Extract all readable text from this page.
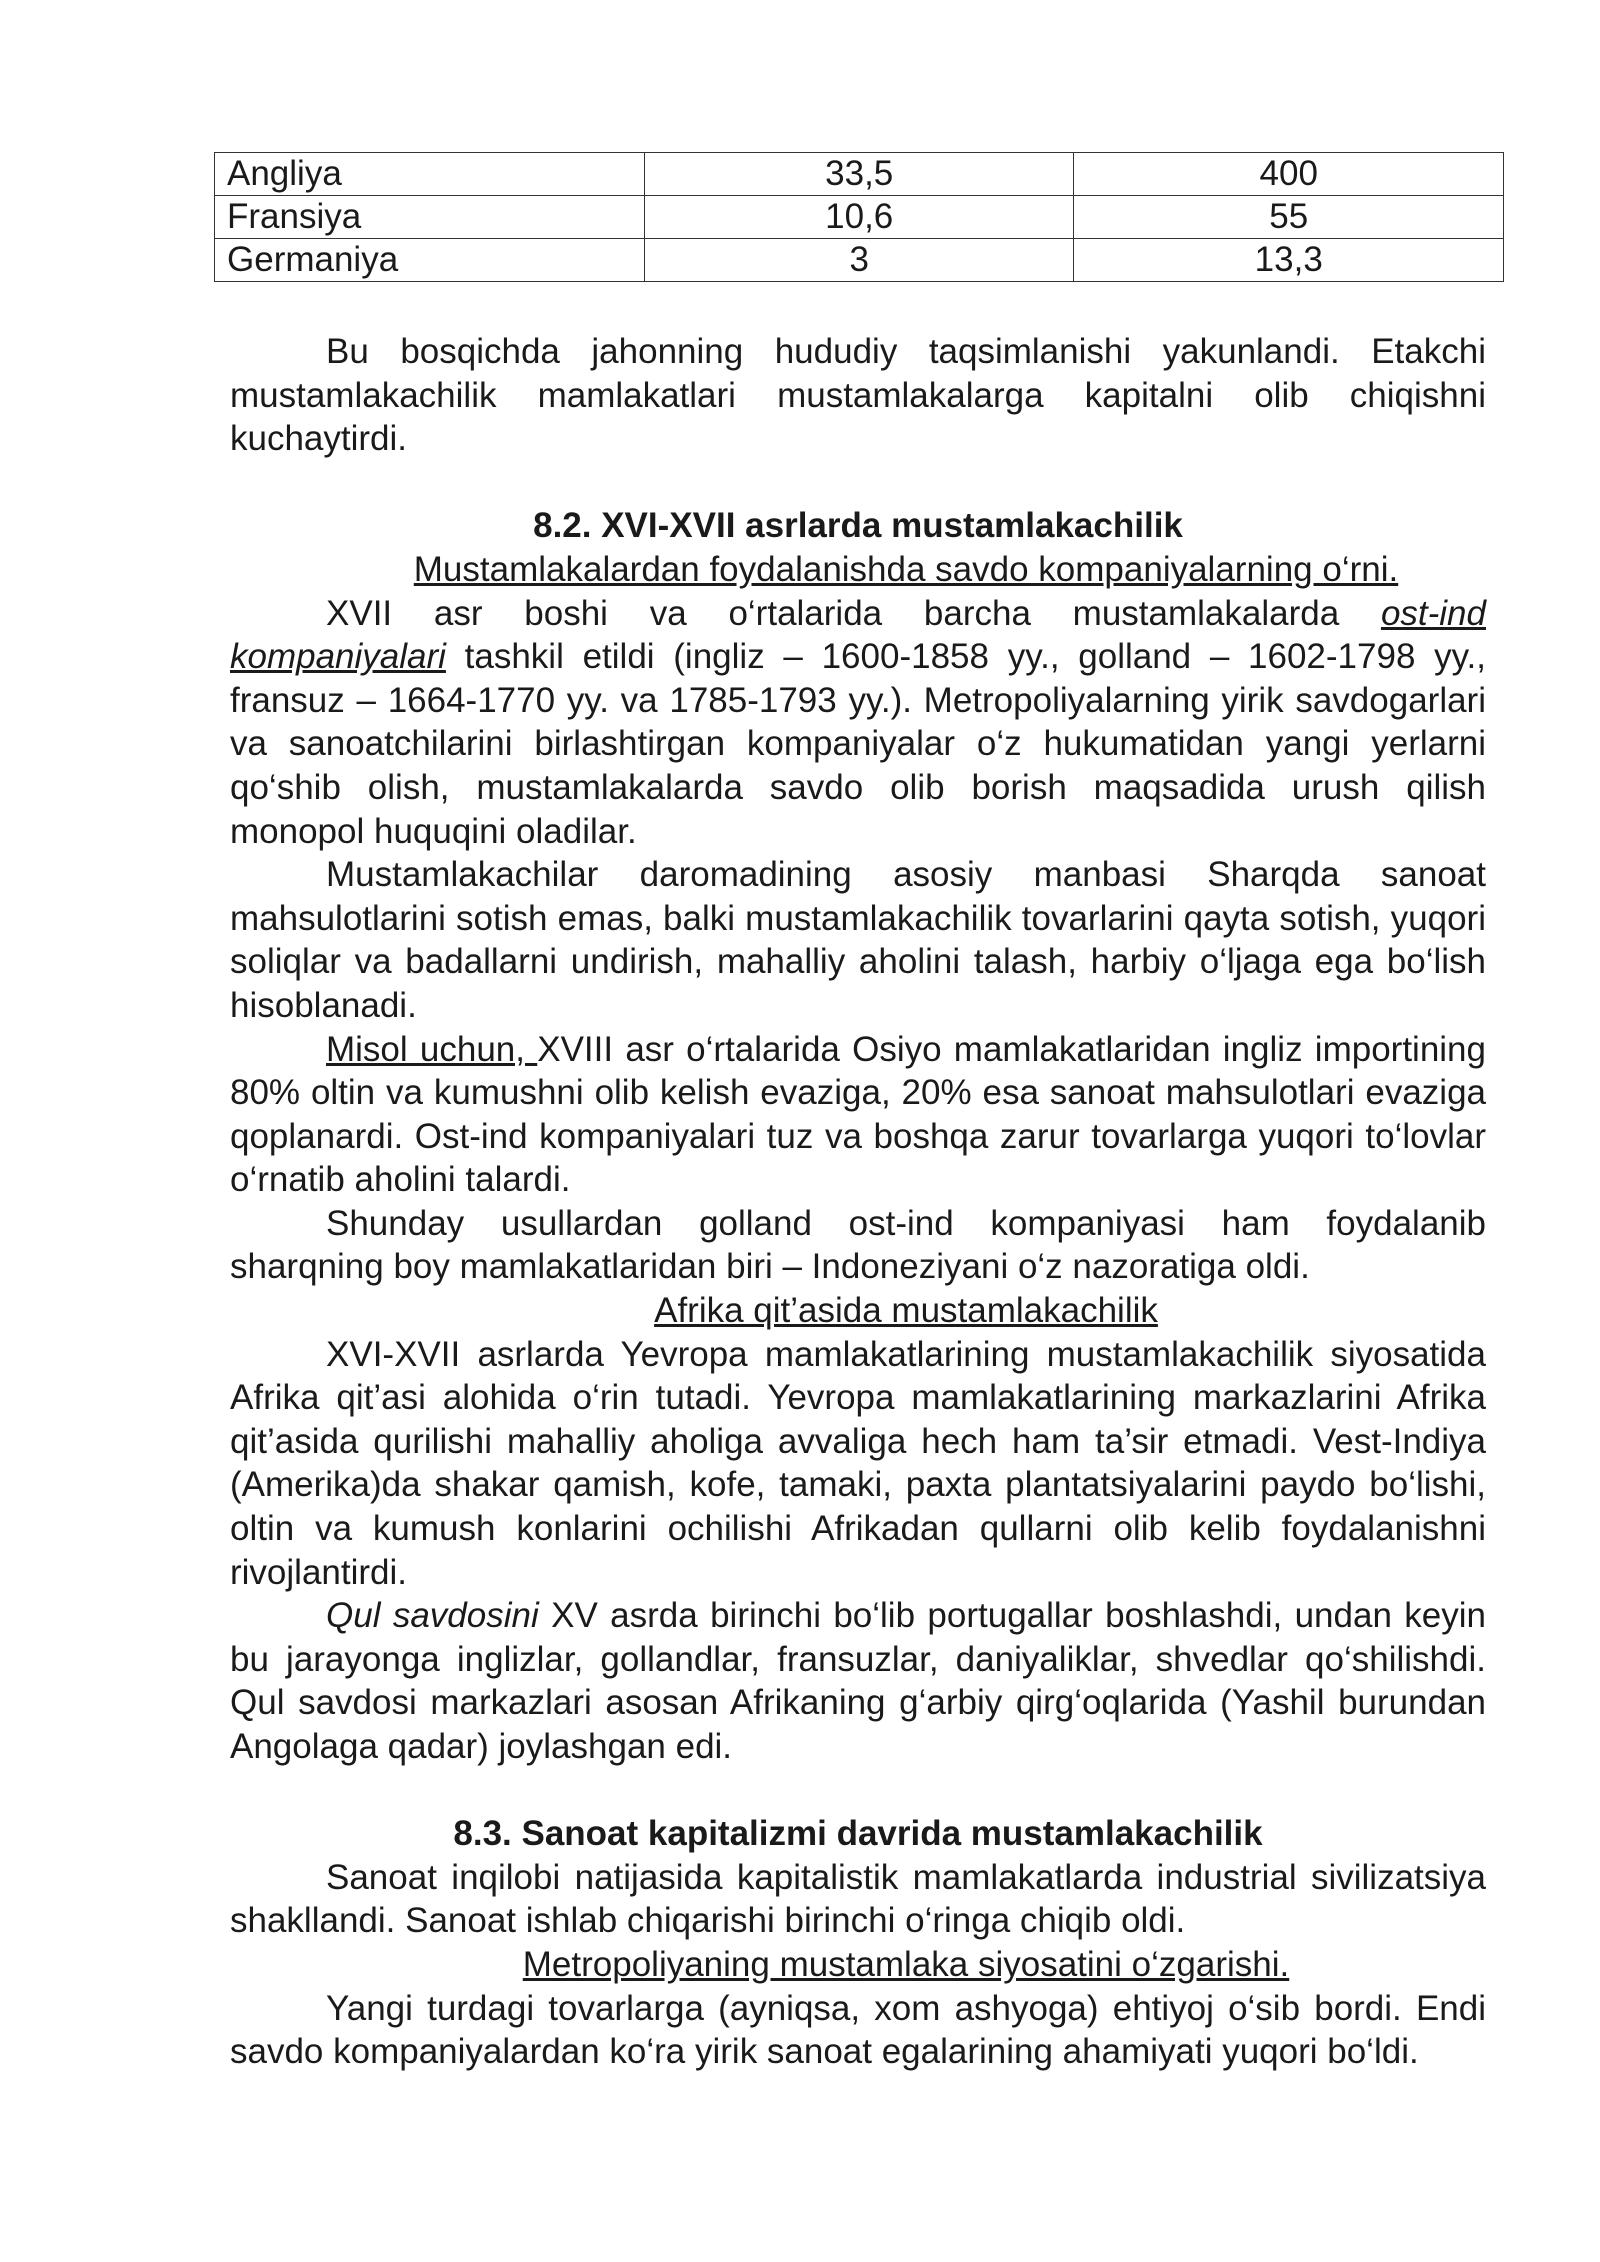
Angliya	33,5	400
Fransiya	10,6	55
Germaniya	3	13,3

Bu bosqichda jahonning hududiy taqsimlanishi yakunlandi. Etakchi mustamlakachilik mamlakatlari mustamlakalarga kapitalni olib chiqishni kuchaytirdi.

8.2. XVI-XVII asrlarda mustamlakachilik

Mustamlakalardan foydalanishda savdo kompaniyalarning o‘rni.

XVII asr boshi va o‘rtalarida barcha mustamlakalarda ost-ind kompaniyalari tashkil etildi (ingliz – 1600-1858 yy., golland – 1602-1798 yy., fransuz – 1664-1770 yy. va 1785-1793 yy.). Metropoliyalarning yirik savdogarlari va sanoatchilarini birlashtirgan kompaniyalar o‘z hukumatidan yangi yerlarni qo‘shib olish, mustamlakalarda savdo olib borish maqsadida urush qilish monopol huquqini oladilar.

Mustamlakachilar daromadining asosiy manbasi Sharqda sanoat mahsulotlarini sotish emas, balki mustamlakachilik tovarlarini qayta sotish, yuqori soliqlar va badallarni undirish, mahalliy aholini talash, harbiy o‘ljaga ega bo‘lish hisoblanadi.

Misol uchun, XVIII asr o‘rtalarida Osiyo mamlakatlaridan ingliz importining 80% oltin va kumushni olib kelish evaziga, 20% esa sanoat mahsulotlari evaziga qoplanardi. Ost-ind kompaniyalari tuz va boshqa zarur tovarlarga yuqori to‘lovlar o‘rnatib aholini talardi.

Shunday usullardan golland ost-ind kompaniyasi ham foydalanib sharqning boy mamlakatlaridan biri – Indoneziyani o‘z nazoratiga oldi.

Afrika qit’asida mustamlakachilik

XVI-XVII asrlarda Yevropa mamlakatlarining mustamlakachilik siyosatida Afrika qit’asi alohida o‘rin tutadi. Yevropa mamlakatlarining markazlarini Afrika qit’asida qurilishi mahalliy aholiga avvaliga hech ham ta’sir etmadi. Vest-Indiya (Amerika)da shakar qamish, kofe, tamaki, paxta plantatsiyalarini paydo bo‘lishi, oltin va kumush konlarini ochilishi Afrikadan qullarni olib kelib foydalanishni rivojlantirdi.

Qul savdosini XV asrda birinchi bo‘lib portugallar boshlashdi, undan keyin bu jarayonga inglizlar, gollandlar, fransuzlar, daniyaliklar, shvedlar qo‘shilishdi. Qul savdosi markazlari asosan Afrikaning g‘arbiy qirg‘oqlarida (Yashil burundan Angolaga qadar) joylashgan edi.

8.3. Sanoat kapitalizmi davrida mustamlakachilik

Sanoat inqilobi natijasida kapitalistik mamlakatlarda industrial sivilizatsiya shakllandi. Sanoat ishlab chiqarishi birinchi o‘ringa chiqib oldi.

Metropoliyaning mustamlaka siyosatini o‘zgarishi.

Yangi turdagi tovarlarga (ayniqsa, xom ashyoga) ehtiyoj o‘sib bordi. Endi savdo kompaniyalardan ko‘ra yirik sanoat egalarining ahamiyati yuqori bo‘ldi.
